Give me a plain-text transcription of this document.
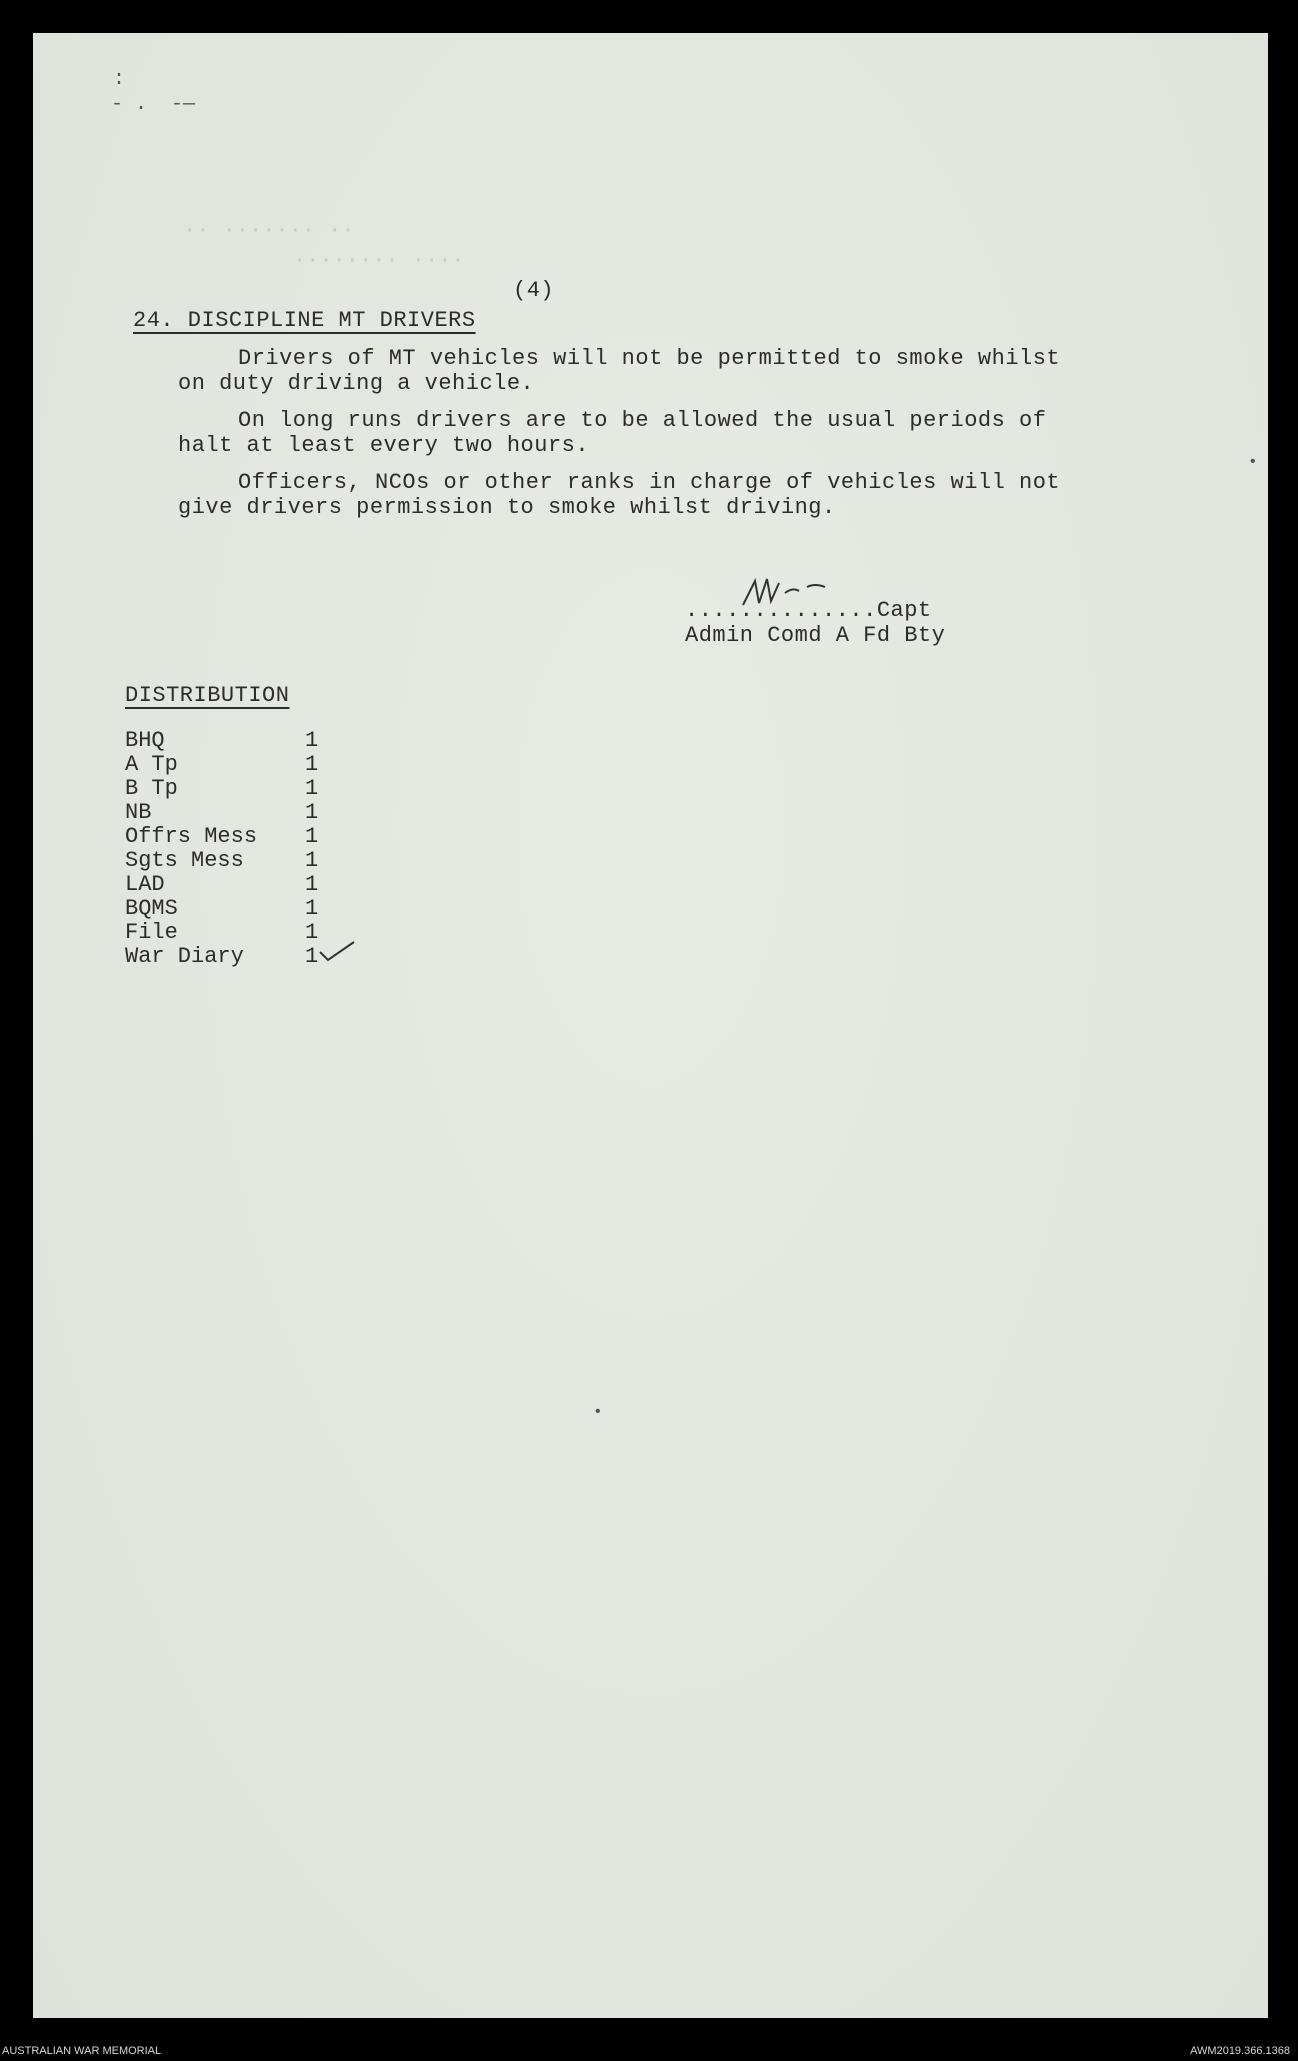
:
- .  -—
·· ······· ··
········ ····
(4)
24. DISCIPLINE MT DRIVERS
Drivers of MT vehicles will not be permitted to smoke whilst
on duty driving a vehicle.
On long runs drivers are to be allowed the usual periods of
halt at least every two hours.
Officers, NCOs or other ranks in charge of vehicles will not
give drivers permission to smoke whilst driving.
..............Capt
Admin Comd A Fd Bty
DISTRIBUTION
BHQ	1
A Tp	1
B Tp	1
NB	1
Offrs Mess 1
Sgts Mess	1
LAD	1
BQMS	1
File	1
War Diary	1
•
•
AUSTRALIAN WAR MEMORIAL	AWM2019.366.1368
